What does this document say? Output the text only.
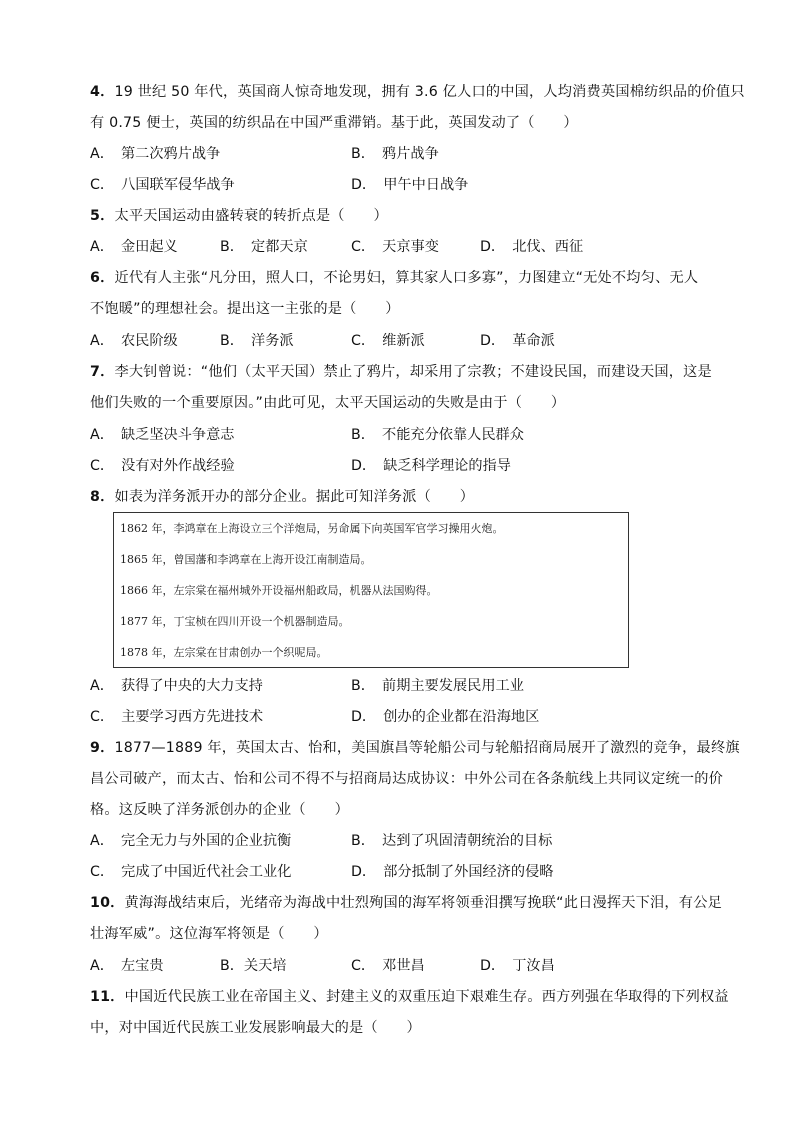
4．19 世纪 50 年代，英国商人惊奇地发现，拥有 3.6 亿人口的中国，人均消费英国棉纺织品的价值只
有 0.75 便士，英国的纺织品在中国严重滞销。基于此，英国发动了（　　）
A．　第二次鸦片战争	B．　鸦片战争
C．　八国联军侵华战争	D．　甲午中日战争
5．太平天国运动由盛转衰的转折点是（　　）
A．　金田起义	B．　定都天京	C．　天京事变	D．　北伐、西征
6．近代有人主张“凡分田，照人口，不论男妇，算其家人口多寡”，力图建立“无处不均匀、无人
不饱暖”的理想社会。提出这一主张的是（　　）
A．　农民阶级	B．　洋务派	C．　维新派	D．　革命派
7．李大钊曾说：“他们（太平天国）禁止了鸦片，却采用了宗教；不建设民国，而建设天国，这是
他们失败的一个重要原因。”由此可见，太平天国运动的失败是由于（　　）
A．　缺乏坚决斗争意志	B．　不能充分依靠人民群众
C．　没有对外作战经验	D．　缺乏科学理论的指导
8．如表为洋务派开办的部分企业。据此可知洋务派（　　）
1862 年，李鸿章在上海设立三个洋炮局，另命属下向英国军官学习操用火炮。
1865 年，曾国藩和李鸿章在上海开设江南制造局。
1866 年，左宗棠在福州城外开设福州船政局，机器从法国购得。
1877 年，丁宝桢在四川开设一个机器制造局。
1878 年，左宗棠在甘肃创办一个织呢局。
A．　获得了中央的大力支持	B．　前期主要发展民用工业
C．　主要学习西方先进技术	D．　创办的企业都在沿海地区
9．1877—1889 年，英国太古、怡和，美国旗昌等轮船公司与轮船招商局展开了激烈的竞争，最终旗
昌公司破产，而太古、怡和公司不得不与招商局达成协议：中外公司在各条航线上共同议定统一的价
格。这反映了洋务派创办的企业（　　）
A．　完全无力与外国的企业抗衡	B．　达到了巩固清朝统治的目标
C．　完成了中国近代社会工业化	D．　部分抵制了外国经济的侵略
10．黄海海战结束后，光绪帝为海战中壮烈殉国的海军将领垂泪撰写挽联“此日漫挥天下泪，有公足
壮海军威”。这位海军将领是（　　）
A．　左宝贵	B．关天培	C．　邓世昌	D．　丁汝昌
11．中国近代民族工业在帝国主义、封建主义的双重压迫下艰难生存。西方列强在华取得的下列权益
中，对中国近代民族工业发展影响最大的是（　　）
